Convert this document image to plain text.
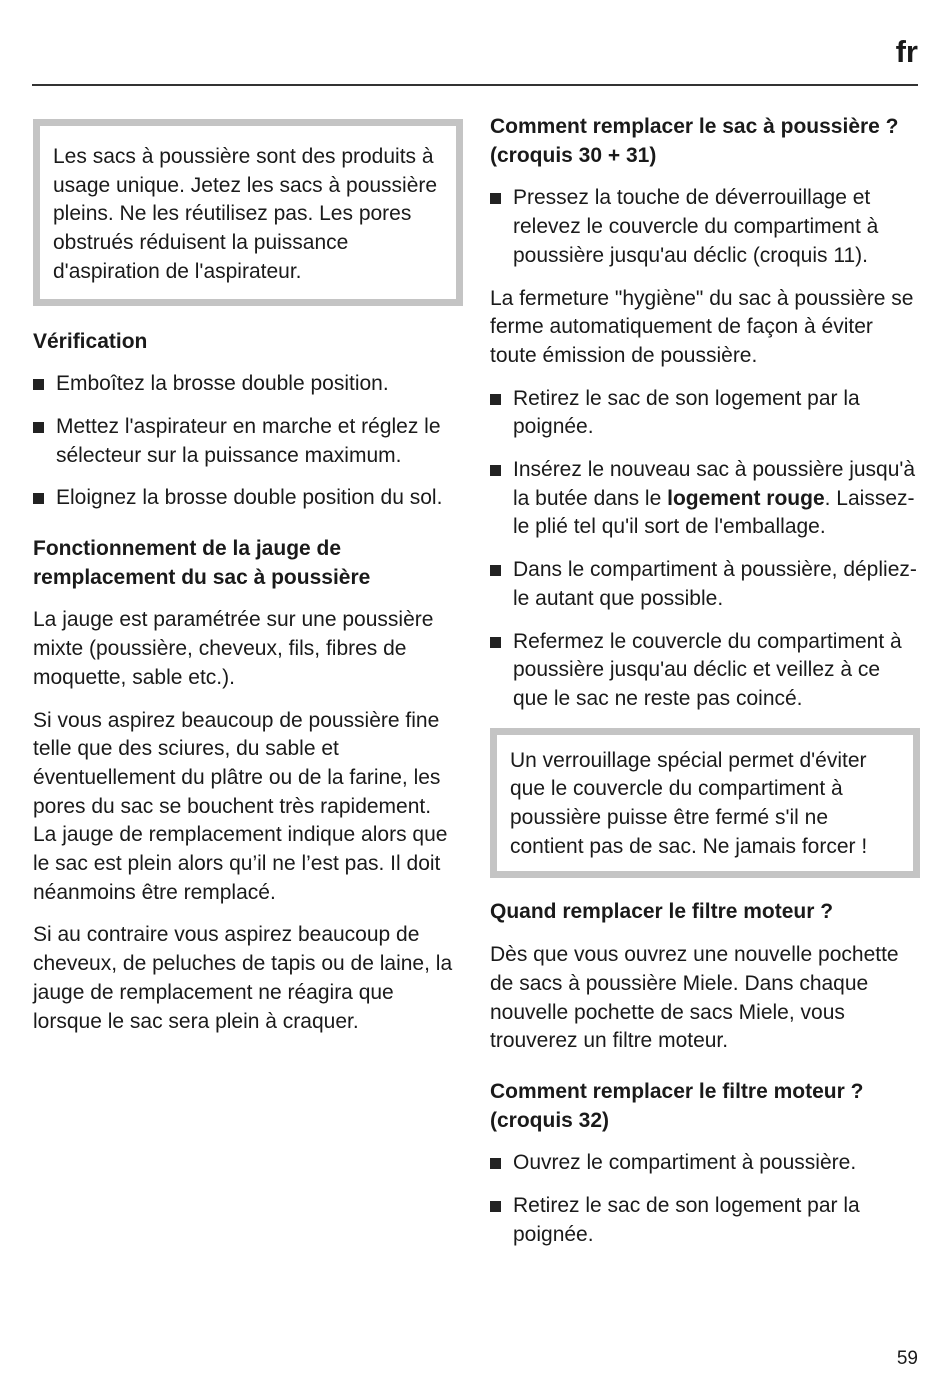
fr
Les sacs à poussière sont des produits à usage unique. Jetez les sacs à poussière pleins. Ne les réutilisez pas. Les pores obstrués réduisent la puissance d'aspiration de l'aspirateur.
Vérification
Emboîtez la brosse double position.
Mettez l'aspirateur en marche et réglez le sélecteur sur la puissance maximum.
Eloignez la brosse double position du sol.
Fonctionnement de la jauge de remplacement du sac à poussière

La jauge est paramétrée sur une poussière mixte (poussière, cheveux, fils, fibres de moquette, sable etc.).

Si vous aspirez beaucoup de poussière fine telle que des sciures, du sable et éventuellement du plâtre ou de la farine, les pores du sac se bouchent très rapidement.
La jauge de remplacement indique alors que le sac est plein alors qu’il ne l’est pas. Il doit néanmoins être remplacé.

Si au contraire vous aspirez beaucoup de cheveux, de peluches de tapis ou de laine, la jauge de remplacement ne réagira que lorsque le sac sera plein à craquer.

Comment remplacer le sac à poussière ? (croquis 30 + 31)
Pressez la touche de déverrouillage et relevez le couvercle du compartiment à poussière jusqu'au déclic (croquis 11).

La fermeture "hygiène" du sac à poussière se ferme automatiquement de façon à éviter toute émission de poussière.

Retirez le sac de son logement par la poignée.
Insérez le nouveau sac à poussière jusqu'à la butée dans le logement rouge. Laissez-le plié tel qu'il sort de l'emballage.
Dans le compartiment à poussière, dépliez-le autant que possible.
Refermez le couvercle du compartiment à poussière jusqu'au déclic et veillez à ce que le sac ne reste pas coincé.
Un verrouillage spécial permet d'éviter que le couvercle du compartiment à poussière puisse être fermé s'il ne contient pas de sac. Ne jamais forcer !
Quand remplacer le filtre moteur ?

Dès que vous ouvrez une nouvelle pochette de sacs à poussière Miele. Dans chaque nouvelle pochette de sacs Miele, vous trouverez un filtre moteur.

Comment remplacer le filtre moteur ? (croquis 32)
Ouvrez le compartiment à poussière.
Retirez le sac de son logement par la poignée.
59
